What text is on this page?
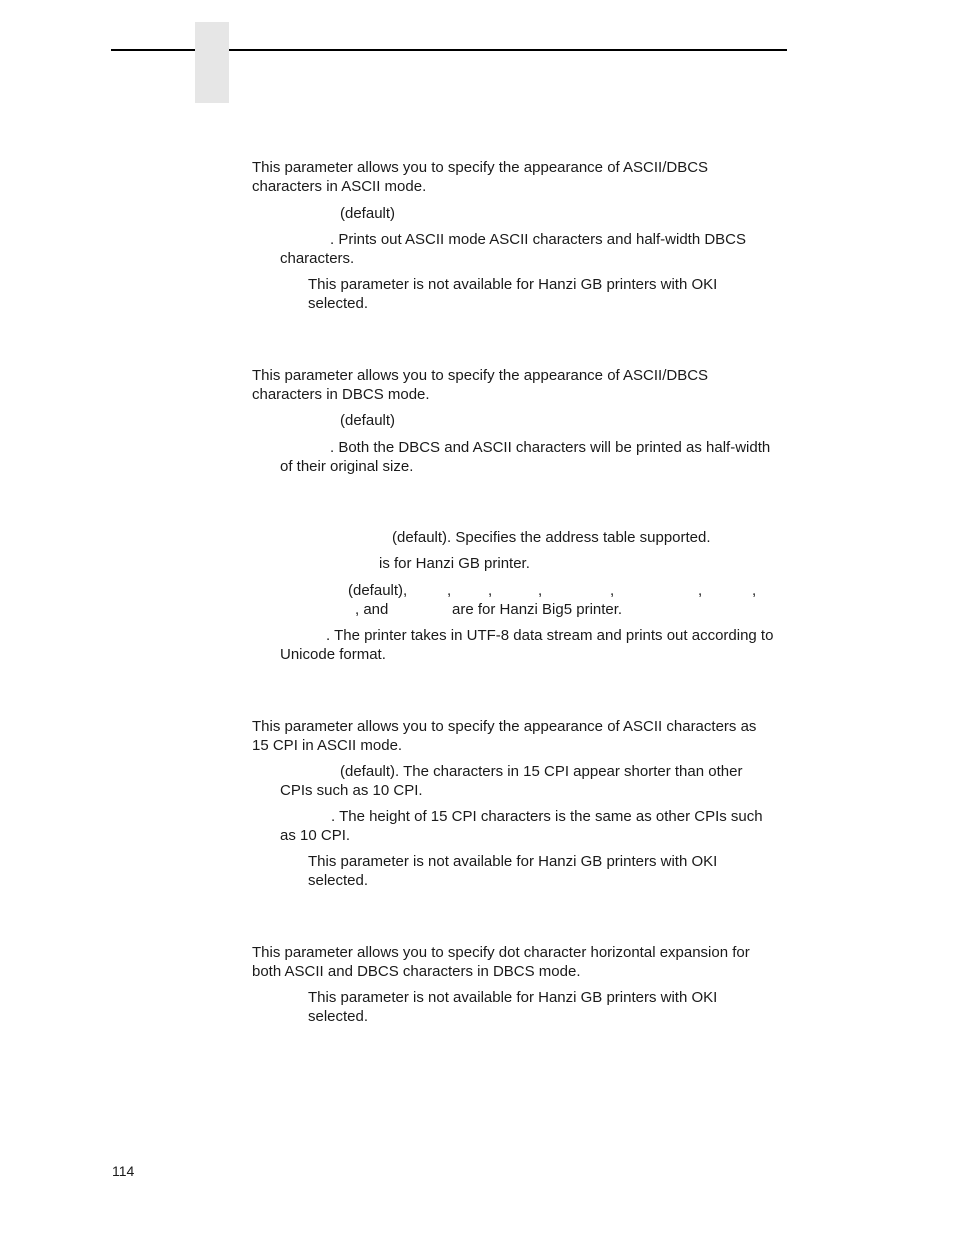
This parameter allows you to specify the appearance of ASCII/DBCS
characters in ASCII mode.
(default)
. Prints out ASCII mode ASCII characters and half-width DBCS
characters.
This parameter is not available for Hanzi GB printers with OKI
selected.
This parameter allows you to specify the appearance of ASCII/DBCS
characters in DBCS mode.
(default)
. Both the DBCS and ASCII characters will be printed as half-width
of their original size.
(default). Specifies the address table supported.
is for Hanzi GB printer.
(default),	, ,	,	,	,	,
, and	are for Hanzi Big5 printer.
. The printer takes in UTF-8 data stream and prints out according to
Unicode format.
This parameter allows you to specify the appearance of ASCII characters as
15 CPI in ASCII mode.
(default). The characters in 15 CPI appear shorter than other
CPIs such as 10 CPI.
. The height of 15 CPI characters is the same as other CPIs such
as 10 CPI.
This parameter is not available for Hanzi GB printers with OKI
selected.
This parameter allows you to specify dot character horizontal expansion for
both ASCII and DBCS characters in DBCS mode.
This parameter is not available for Hanzi GB printers with OKI
selected.
114
